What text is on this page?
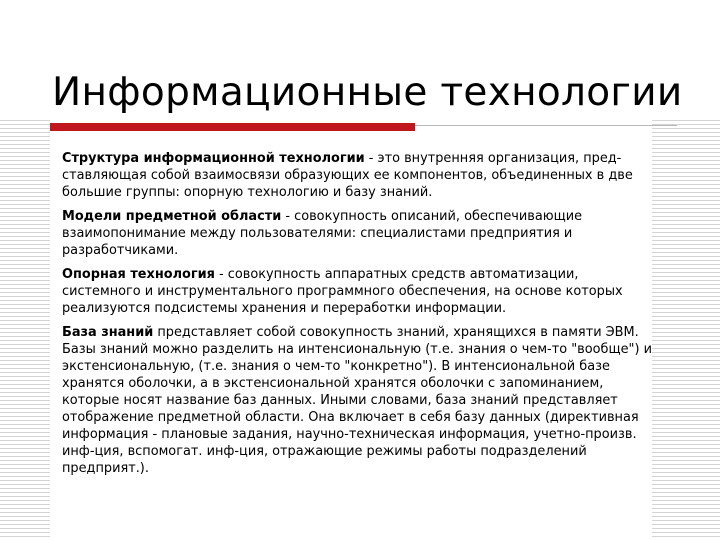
Информационные технологии

Структура информационной технологии - это внутренняя организация, пред-ставляющая собой взаимосвязи образующих ее компонентов, объединенных в две большие группы: опорную технологию и базу знаний.

Модели предметной области - совокупность описаний, обеспечивающие взаимопонимание между пользователями: специалистами предприятия и разработчиками.

Опорная технология - совокупность аппаратных средств автоматизации, системного и инструментального программного обеспечения, на основе которых реализуются подсистемы хранения и переработки информации.

База знаний представляет собой совокупность знаний, хранящихся в памяти ЭВМ. Базы знаний можно разделить на интенсиональную (т.е. знания о чем-то "вообще") и экстенсиональную, (т.е. знания о чем-то "конкретно"). В интенсиональной базе хранятся оболочки, а в экстенсиональной хранятся оболочки с запоминанием, которые носят название баз данных. Иными словами, база знаний представляет отображение предметной области. Она включает в себя базу данных (директивная информация - плановые задания, научно-техническая информация, учетно-произв. инф-ция, вспомогат. инф-ция, отражающие режимы работы подразделений предприят.).
